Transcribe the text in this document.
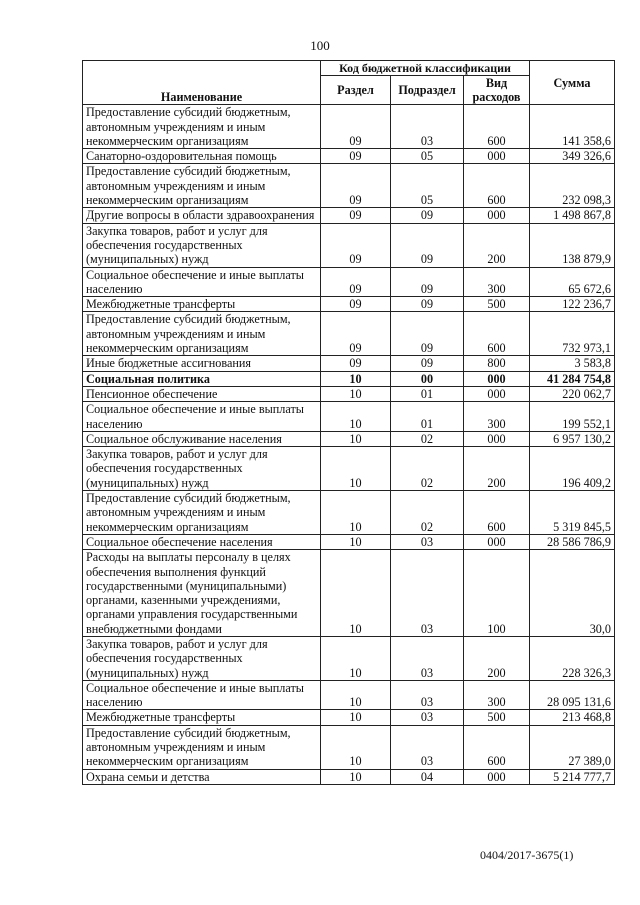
100
Наименование	Код бюджетной классификации			Сумма
	Раздел	Подраздел	Вид расходов	
Предоставление субсидий бюджетным, автономным учреждениям и иным некоммерческим организациям	09	03	600	141 358,6
Санаторно-оздоровительная помощь	09	05	000	349 326,6
Предоставление субсидий бюджетным, автономным учреждениям и иным некоммерческим организациям	09	05	600	232 098,3
Другие вопросы в области здравоохранения	09	09	000	1 498 867,8
Закупка товаров, работ и услуг для обеспечения государственных (муниципальных) нужд	09	09	200	138 879,9
Социальное обеспечение и иные выплаты населению	09	09	300	65 672,6
Межбюджетные трансферты	09	09	500	122 236,7
Предоставление субсидий бюджетным, автономным учреждениям и иным некоммерческим организациям	09	09	600	732 973,1
Иные бюджетные ассигнования	09	09	800	3 583,8
Социальная политика	10	00	000	41 284 754,8
Пенсионное обеспечение	10	01	000	220 062,7
Социальное обеспечение и иные выплаты населению	10	01	300	199 552,1
Социальное обслуживание населения	10	02	000	6 957 130,2
Закупка товаров, работ и услуг для обеспечения государственных (муниципальных) нужд	10	02	200	196 409,2
Предоставление субсидий бюджетным, автономным учреждениям и иным некоммерческим организациям	10	02	600	5 319 845,5
Социальное обеспечение населения	10	03	000	28 586 786,9
Расходы на выплаты персоналу в целях обеспечения выполнения функций государственными (муниципальными) органами, казенными учреждениями, органами управления государственными внебюджетными фондами	10	03	100	30,0
Закупка товаров, работ и услуг для обеспечения государственных (муниципальных) нужд	10	03	200	228 326,3
Социальное обеспечение и иные выплаты населению	10	03	300	28 095 131,6
Межбюджетные трансферты	10	03	500	213 468,8
Предоставление субсидий бюджетным, автономным учреждениям и иным некоммерческим организациям	10	03	600	27 389,0
Охрана семьи и детства	10	04	000	5 214 777,7
0404/2017-3675(1)
